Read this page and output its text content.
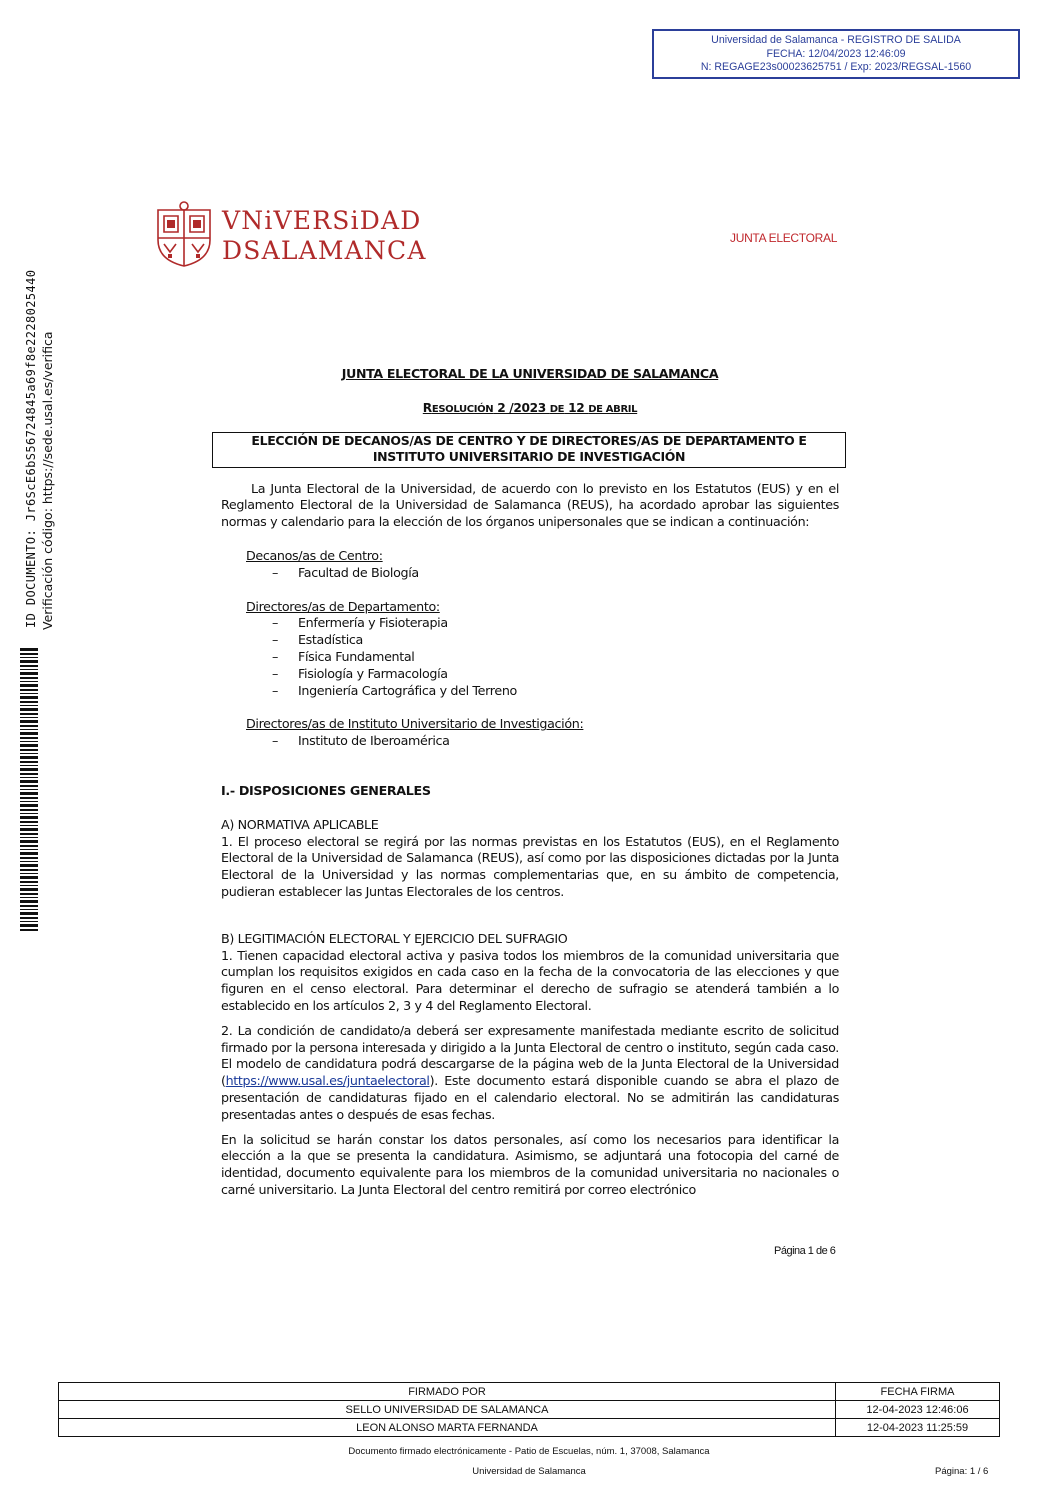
Universidad de Salamanca - REGISTRO DE SALIDA
FECHA: 12/04/2023 12:46:09
N: REGAGE23s00023625751 / Exp: 2023/REGSAL-1560
ID DOCUMENTO: Jr6ScE6bS56724845a69f8e2228025440 Verificación código: https://sede.usal.es/verifica
VNiVERSiDAD
DSALAMANCA	JUNTA ELECTORAL

JUNTA ELECTORAL DE LA UNIVERSIDAD DE SALAMANCA

RESOLUCIÓN 2 /2023 DE 12 DE ABRIL

ELECCIÓN DE DECANOS/AS DE CENTRO Y DE DIRECTORES/AS DE DEPARTAMENTO E INSTITUTO UNIVERSITARIO DE INVESTIGACIÓN

La Junta Electoral de la Universidad, de acuerdo con lo previsto en los Estatutos (EUS) y en el Reglamento Electoral de la Universidad de Salamanca (REUS), ha acordado aprobar las siguientes normas y calendario para la elección de los órganos unipersonales que se indican a continuación:

Decanos/as de Centro:
– Facultad de Biología
Directores/as de Departamento:
– Enfermería y Fisioterapia
– Estadística
– Física Fundamental
– Fisiología y Farmacología
– Ingeniería Cartográfica y del Terreno
Directores/as de Instituto Universitario de Investigación:
– Instituto de Iberoamérica

I.- DISPOSICIONES GENERALES

A) NORMATIVA APLICABLE

1. El proceso electoral se regirá por las normas previstas en los Estatutos (EUS), en el Reglamento Electoral de la Universidad de Salamanca (REUS), así como por las disposiciones dictadas por la Junta Electoral de la Universidad y las normas complementarias que, en su ámbito de competencia, pudieran establecer las Juntas Electorales de los centros.

B) LEGITIMACIÓN ELECTORAL Y EJERCICIO DEL SUFRAGIO

1. Tienen capacidad electoral activa y pasiva todos los miembros de la comunidad universitaria que cumplan los requisitos exigidos en cada caso en la fecha de la convocatoria de las elecciones y que figuren en el censo electoral. Para determinar el derecho de sufragio se atenderá también a lo establecido en los artículos 2, 3 y 4 del Reglamento Electoral.

2. La condición de candidato/a deberá ser expresamente manifestada mediante escrito de solicitud firmado por la persona interesada y dirigido a la Junta Electoral de centro o instituto, según cada caso. El modelo de candidatura podrá descargarse de la página web de la Junta Electoral de la Universidad (https://www.usal.es/juntaelectoral). Este documento estará disponible cuando se abra el plazo de presentación de candidaturas fijado en el calendario electoral. No se admitirán las candidaturas presentadas antes o después de esas fechas.

En la solicitud se harán constar los datos personales, así como los necesarios para identificar la elección a la que se presenta la candidatura. Asimismo, se adjuntará una fotocopia del carné de identidad, documento equivalente para los miembros de la comunidad universitaria no nacionales o carné universitario. La Junta Electoral del centro remitirá por correo electrónico

Página 1 de 6
FIRMADO POR	FECHA FIRMA
SELLO UNIVERSIDAD DE SALAMANCA	12-04-2023 12:46:06
LEON ALONSO MARTA FERNANDA	12-04-2023 11:25:59
Documento firmado electrónicamente - Patio de Escuelas, núm. 1, 37008, Salamanca
Universidad de Salamanca	Página: 1 / 6
